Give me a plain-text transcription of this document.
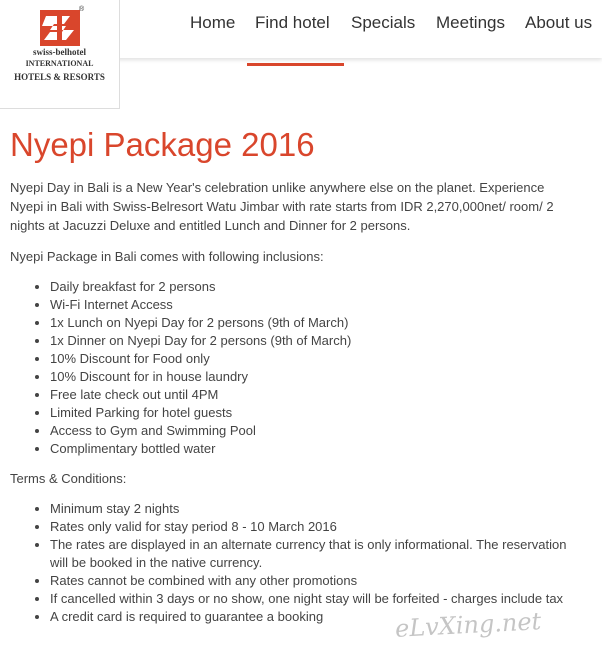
Home Find hotel Specials Meetings About us
®
swiss-belhotel
INTERNATIONAL
HOTELS & RESORTS
Nyepi Package 2016

Nyepi Day in Bali is a New Year's celebration unlike anywhere else on the planet. Experience Nyepi in Bali with Swiss-Belresort Watu Jimbar with rate starts from IDR 2,270,000net/ room/ 2 nights at Jacuzzi Deluxe and entitled Lunch and Dinner for 2 persons.

Nyepi Package in Bali comes with following inclusions:

• Daily breakfast for 2 persons
• Wi-Fi Internet Access
• 1x Lunch on Nyepi Day for 2 persons (9th of March)
• 1x Dinner on Nyepi Day for 2 persons (9th of March)
• 10% Discount for Food only
• 10% Discount for in house laundry
• Free late check out until 4PM
• Limited Parking for hotel guests
• Access to Gym and Swimming Pool
• Complimentary bottled water

Terms & Conditions:

• Minimum stay 2 nights
• Rates only valid for stay period 8 - 10 March 2016
• The rates are displayed in an alternate currency that is only informational. The reservation will be booked in the native currency.
• Rates cannot be combined with any other promotions
• If cancelled within 3 days or no show, one night stay will be forfeited - charges include tax
• A credit card is required to guarantee a booking	eLvXing.net
